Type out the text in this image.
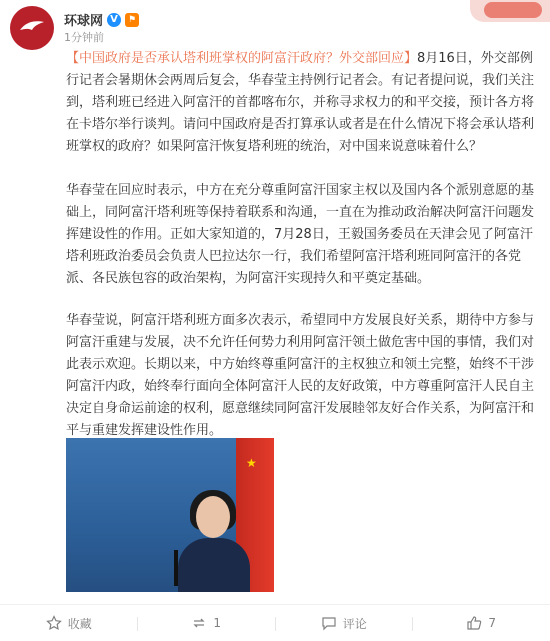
环球网 V	⚑
1分钟前

【中国政府是否承认塔利班掌权的阿富汗政府？外交部回应】8月16日，外交部例行记者会暑期休会两周后复会，华春莹主持例行记者会。有记者提问说，我们关注到，塔利班已经进入阿富汗的首都喀布尔，并称寻求权力的和平交接，预计各方将在卡塔尔举行谈判。请问中国政府是否打算承认或者是在什么情况下将会承认塔利班掌权的政府？如果阿富汗恢复塔利班的统治，对中国来说意味着什么？

华春莹在回应时表示，中方在充分尊重阿富汗国家主权以及国内各个派别意愿的基础上，同阿富汗塔利班等保持着联系和沟通，一直在为推动政治解决阿富汗问题发挥建设性的作用。正如大家知道的，7月28日，王毅国务委员在天津会见了阿富汗塔利班政治委员会负责人巴拉达尔一行，我们希望阿富汗塔利班同阿富汗的各党派、各民族包容的政治架构，为阿富汗实现持久和平奠定基础。

华春莹说，阿富汗塔利班方面多次表示，希望同中方发展良好关系，期待中方参与阿富汗重建与发展，决不允许任何势力利用阿富汗领土做危害中国的事情，我们对此表示欢迎。长期以来，中方始终尊重阿富汗的主权独立和领土完整，始终不干涉阿富汗内政，始终奉行面向全体阿富汗人民的友好政策，中方尊重阿富汗人民自主决定自身命运前途的权利，愿意继续同阿富汗发展睦邻友好合作关系，为阿富汗和平与重建发挥建设性作用。

★
收藏	1	评论	7
